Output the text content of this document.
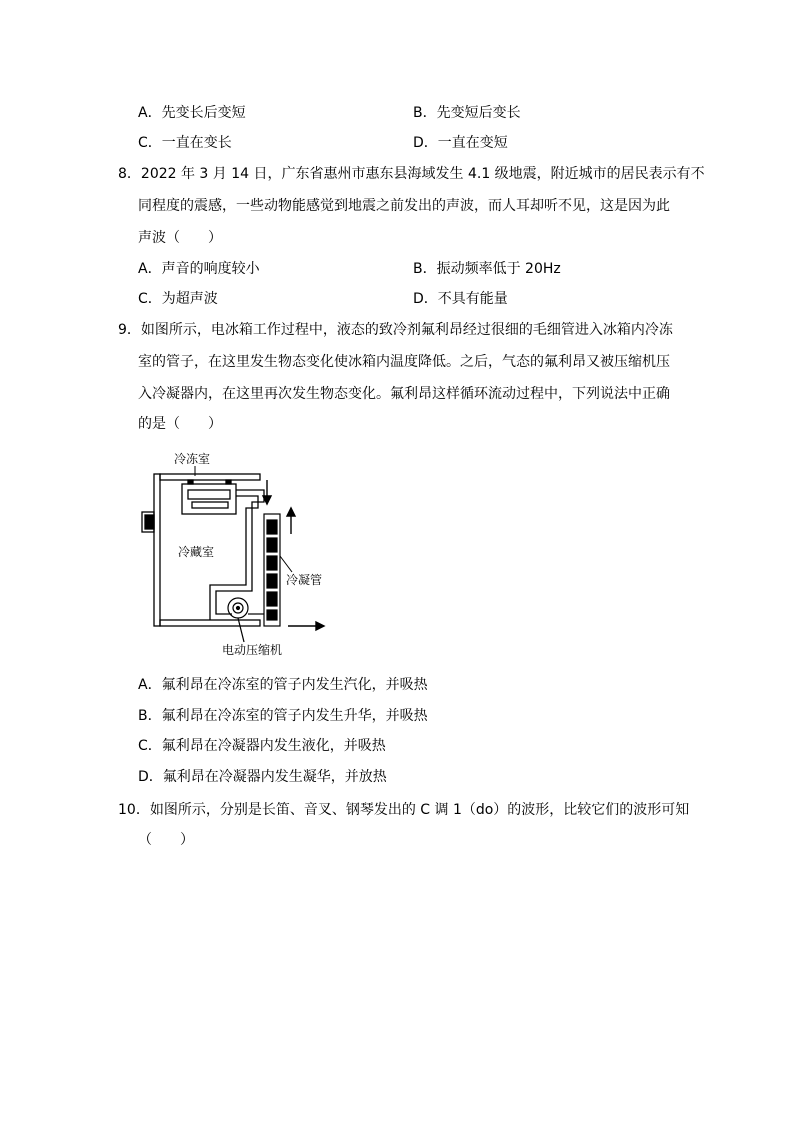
A．先变长后变短	B．先变短后变长
C．一直在变长	D．一直在变短
8．2022 年 3 月 14 日，广东省惠州市惠东县海域发生 4.1 级地震，附近城市的居民表示有不
同程度的震感，一些动物能感觉到地震之前发出的声波，而人耳却听不见，这是因为此
声波（　　）
A．声音的响度较小	B．振动频率低于 20Hz
C．为超声波	D．不具有能量
9．如图所示，电冰箱工作过程中，液态的致冷剂氟利昂经过很细的毛细管进入冰箱内冷冻
室的管子，在这里发生物态变化使冰箱内温度降低。之后，气态的氟利昂又被压缩机压
入冷凝器内，在这里再次发生物态变化。氟利昂这样循环流动过程中，下列说法中正确
的是（　　）
冷冻室
冷藏室
冷凝管
电动压缩机
A．氟利昂在冷冻室的管子内发生汽化，并吸热
B．氟利昂在冷冻室的管子内发生升华，并吸热
C．氟利昂在冷凝器内发生液化，并吸热
D．氟利昂在冷凝器内发生凝华，并放热
10．如图所示，分别是长笛、音叉、钢琴发出的 C 调 1（do）的波形，比较它们的波形可知
（　　）
